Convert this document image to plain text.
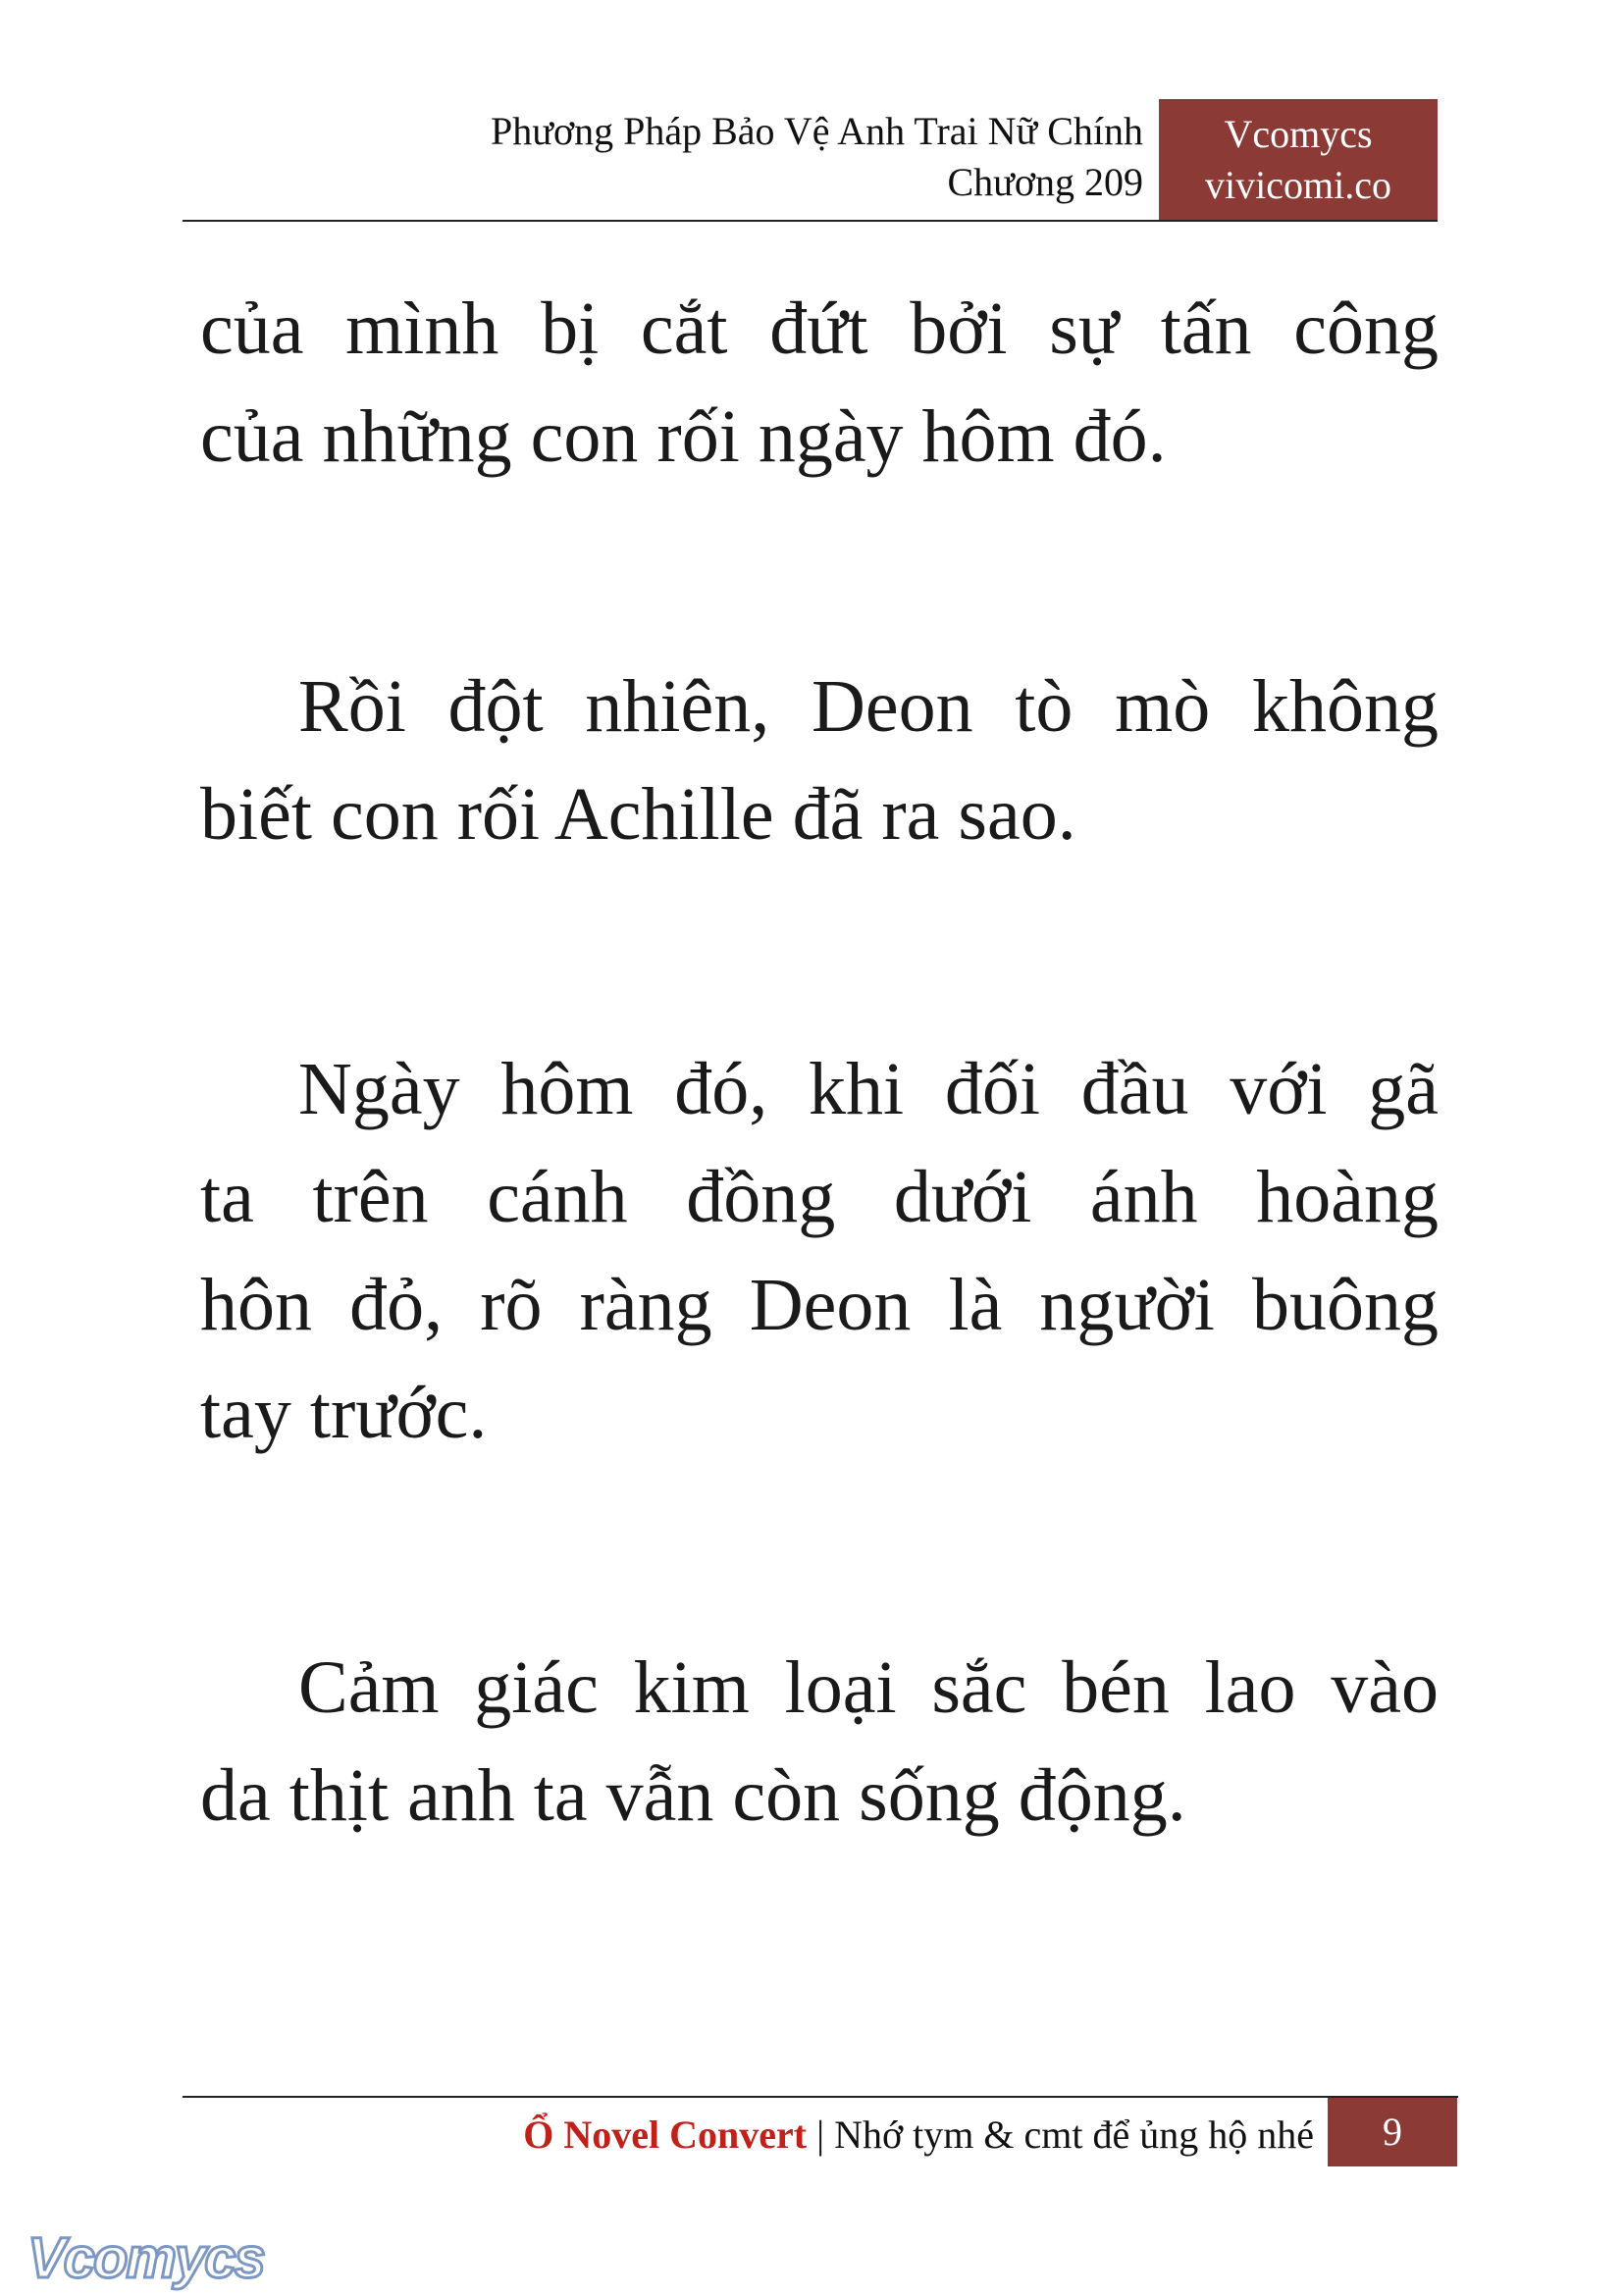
Phương Pháp Bảo Vệ Anh Trai Nữ Chính
Chương 209
Vcomycs
vivicomi.co

của mình bị cắt đứt bởi sự tấn công

của những con rối ngày hôm đó.

Rồi đột nhiên, Deon tò mò không

biết con rối Achille đã ra sao.

Ngày hôm đó, khi đối đầu với gã

ta trên cánh đồng dưới ánh hoàng

hôn đỏ, rõ ràng Deon là người buông

tay trước.

Cảm giác kim loại sắc bén lao vào

da thịt anh ta vẫn còn sống động.

Ổ Novel Convert | Nhớ tym & cmt để ủng hộ nhé	9
Vcomycs
